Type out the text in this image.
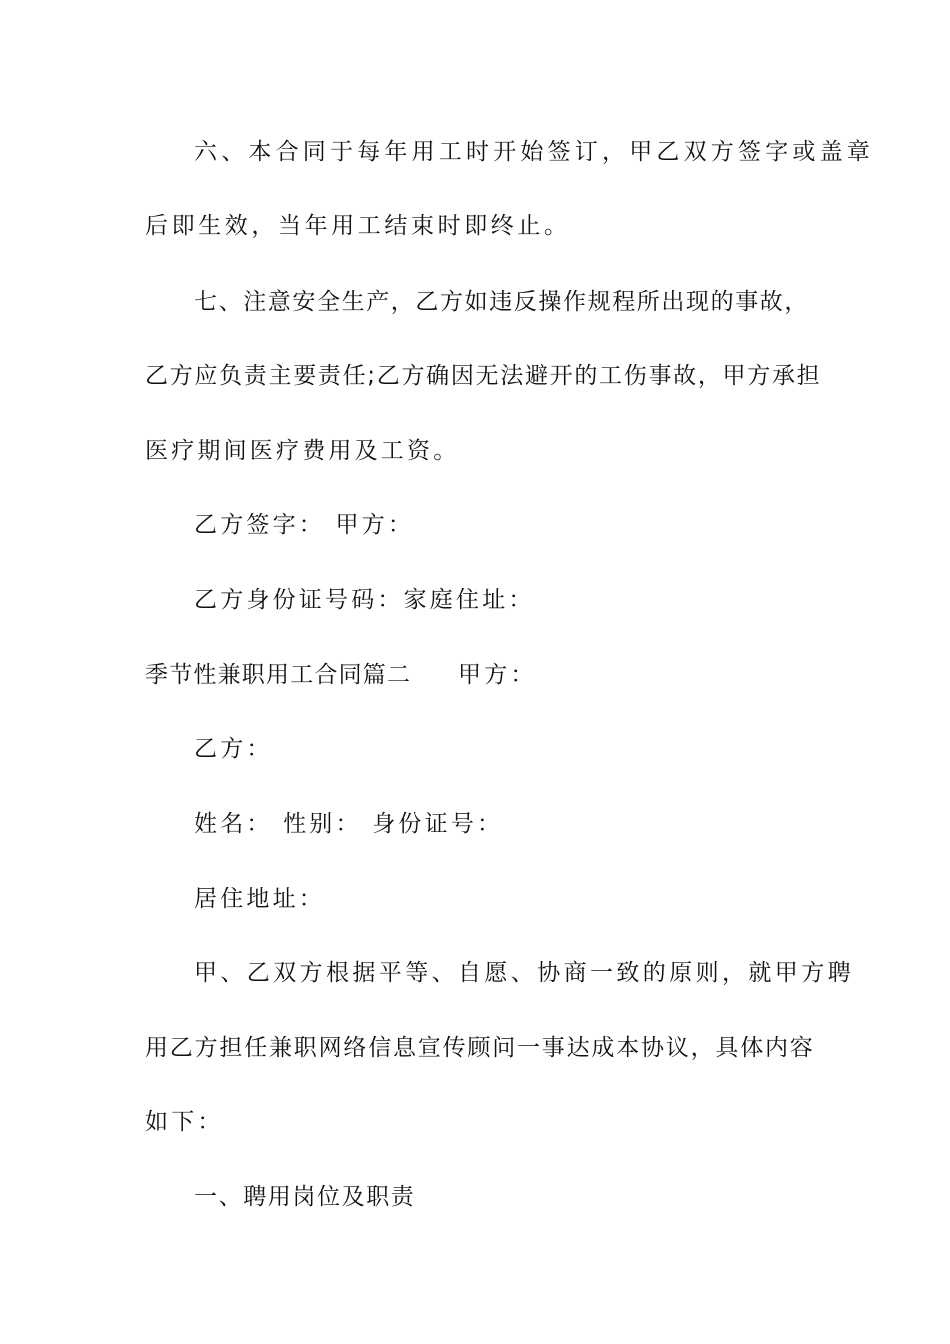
六、本合同于每年用工时开始签订，甲乙双方签字或盖章
后即生效，当年用工结束时即终止。
七、注意安全生产，乙方如违反操作规程所出现的事故，
乙方应负责主要责任;乙方确因无法避开的工伤事故，甲方承担
医疗期间医疗费用及工资。
乙方签字： 甲方：
乙方身份证号码：家庭住址：
季节性兼职用工合同篇二 甲方：
乙方：
姓名： 性别： 身份证号：
居住地址：
甲、乙双方根据平等、自愿、协商一致的原则，就甲方聘
用乙方担任兼职网络信息宣传顾问一事达成本协议，具体内容
如下：
一、聘用岗位及职责
